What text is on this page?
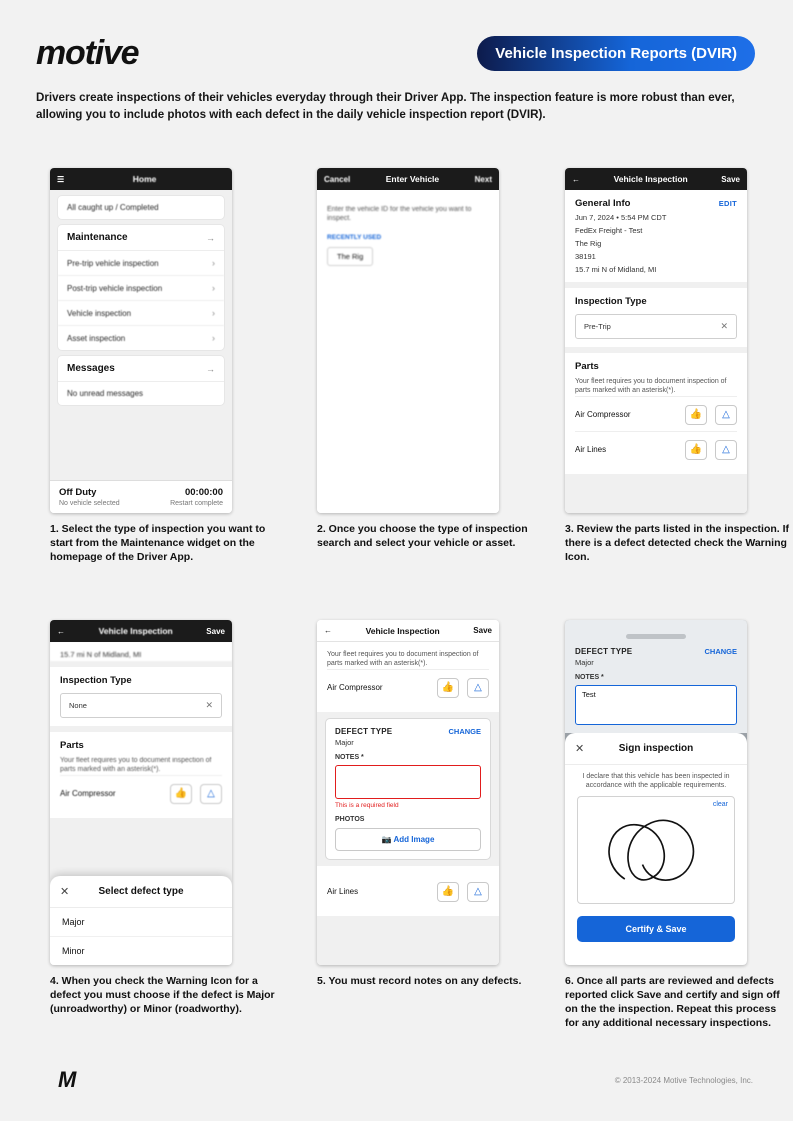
motive	Vehicle Inspection Reports (DVIR)
Drivers create inspections of their vehicles everyday through their Driver App. The inspection feature is more robust than ever, allowing you to include photos with each defect in the daily vehicle inspection report (DVIR).
☰	Home
All caught up / Completed
Maintenance	→
Pre-trip vehicle inspection	›
Post-trip vehicle inspection	›
Vehicle inspection	›
Asset inspection	›
Messages	→
No unread messages
Off Duty
No vehicle selected
00:00:00
Restart complete
1. Select the type of inspection you want to start from the Maintenance widget on the homepage of the Driver App.
Cancel	Enter Vehicle	Next
Enter the vehicle ID for the vehicle you want to inspect.
RECENTLY USED
The Rig
2. Once you choose the type of inspection search and select your vehicle or asset.
←	Vehicle Inspection	Save
General Info	EDIT
Jun 7, 2024 • 5:54 PM CDT
FedEx Freight - Test
The Rig
38191
15.7 mi N of Midland, MI
Inspection Type
Pre-Trip	✕
Parts
Your fleet requires you to document inspection of parts marked with an asterisk(*).
Air Compressor	👍 △
Air Lines	👍 △
3. Review the parts listed in the inspection. If there is a defect detected check the Warning Icon.
←	Vehicle Inspection	Save
15.7 mi N of Midland, MI
Inspection Type
None	✕
Parts
Your fleet requires you to document inspection of parts marked with an asterisk(*).
Air Compressor	👍 △
✕	Select defect type
Major
Minor
4. When you check the Warning Icon for a defect you must choose if the defect is Major (unroadworthy) or Minor (roadworthy).
←	Vehicle Inspection	Save
Your fleet requires you to document inspection of parts marked with an asterisk(*).
Air Compressor	👍 △
DEFECT TYPE	CHANGE
Major
NOTES *
This is a required field
PHOTOS
📷 Add Image
Air Lines	👍 △
5. You must record notes on any defects.
DEFECT TYPE	CHANGE
Major
NOTES *
Test
✕	Sign inspection
I declare that this vehicle has been inspected in accordance with the applicable requirements.
clear
Certify & Save
6. Once all parts are reviewed and defects reported click Save and certify and sign off on the the inspection. Repeat this process for any additional necessary inspections.
M	© 2013-2024 Motive Technologies, Inc.
